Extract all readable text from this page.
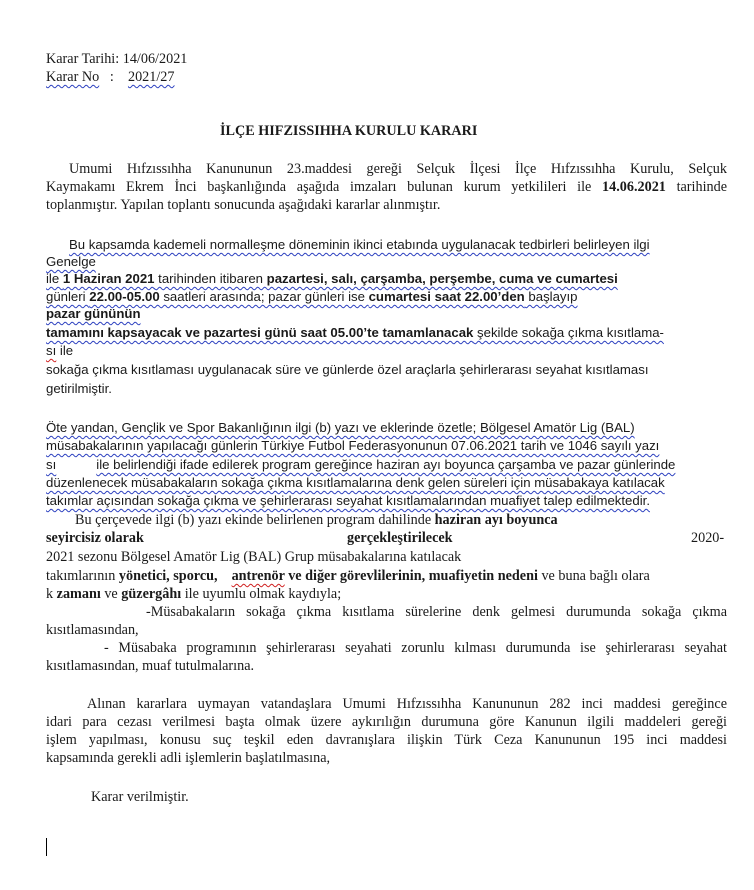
Karar Tarihi: 14/06/2021
Karar No   :    2021/27
İLÇE HIFZISSIHHA KURULU KARARI
Umumi Hıfzıssıhha Kanununun 23.maddesi gereği Selçuk İlçesi İlçe Hıfzıssıhha Kurulu, Selçuk
Kaymakamı Ekrem İnci başkanlığında aşağıda imzaları bulunan kurum yetkilileri ile 14.06.2021 tarihinde
toplanmıştır. Yapılan toplantı sonucunda aşağıdaki kararlar alınmıştır.
Bu kapsamda kademeli normalleşme döneminin ikinci etabında uygulanacak tedbirleri belirleyen ilgi
Genelge
ile 1 Haziran 2021 tarihinden itibaren pazartesi, salı, çarşamba, perşembe, cuma ve cumartesi
günleri 22.00-05.00 saatleri arasında; pazar günleri ise cumartesi saat 22.00’den başlayıp
pazar gününün
tamamını kapsayacak ve pazartesi günü saat 05.00’te tamamlanacak şekilde sokağa çıkma kısıtlama-
sı ile
sokağa çıkma kısıtlaması uygulanacak süre ve günlerde özel araçlarla şehirlerarası seyahat kısıtlaması
getirilmiştir.
Öte yandan, Gençlik ve Spor Bakanlığının ilgi (b) yazı ve eklerinde özetle; Bölgesel Amatör Lig (BAL)
müsabakalarının yapılacağı günlerin Türkiye Futbol Federasyonunun 07.06.2021 tarih ve 1046 sayılı yazı
sı	ile belirlendiği ifade edilerek program gereğince haziran ayı boyunca çarşamba ve pazar günlerinde
düzenlenecek müsabakaların sokağa çıkma kısıtlamalarına denk gelen süreleri için müsabakaya katılacak
takımlar açısından sokağa çıkma ve şehirlerarası seyahat kısıtlamalarından muafiyet talep edilmektedir.
Bu çerçevede ilgi (b) yazı ekinde belirlenen program dahilinde haziran ayı boyunca
seyircisiz olarak	gerçekleştirilecek	2020-
2021 sezonu Bölgesel Amatör Lig (BAL) Grup müsabakalarına katılacak
takımlarının yönetici, sporcu, antrenör ve diğer görevlilerinin, muafiyetin nedeni ve buna bağlı olara
k zamanı ve güzergâhı ile uyumlu olmak kaydıyla;
-Müsabakaların sokağa çıkma kısıtlama sürelerine denk gelmesi durumunda sokağa çıkma
kısıtlamasından,
- Müsabaka programının şehirlerarası seyahati zorunlu kılması durumunda ise şehirlerarası seyahat
kısıtlamasından, muaf tutulmalarına.
Alınan kararlara uymayan vatandaşlara Umumi Hıfzıssıhha Kanununun 282 inci maddesi gereğince
idari para cezası verilmesi başta olmak üzere aykırılığın durumuna göre Kanunun ilgili maddeleri gereği
işlem yapılması, konusu suç teşkil eden davranışlara ilişkin Türk Ceza Kanununun 195 inci maddesi
kapsamında gerekli adli işlemlerin başlatılmasına,
Karar verilmiştir.
